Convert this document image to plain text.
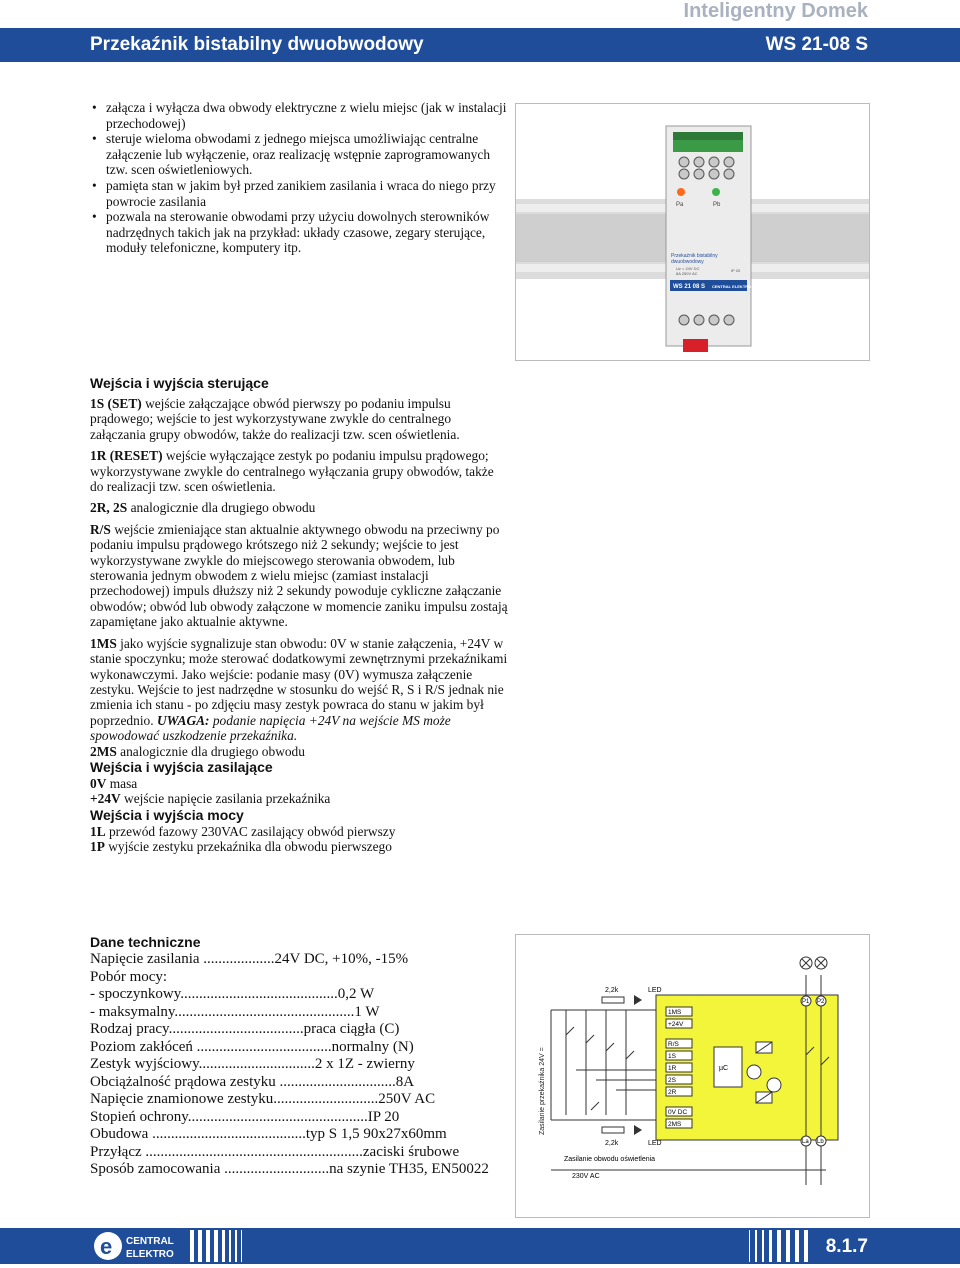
Inteligentny Domek
Przekaźnik bistabilny dwuobwodowy	WS 21-08 S
• załącza i wyłącza dwa obwody elektryczne z wielu miejsc (jak w instalacji przechodowej)
• steruje wieloma obwodami z jednego miejsca umożliwiając centralne załączenie lub wyłączenie, oraz realizację wstępnie zaprogramowanych tzw. scen oświetleniowych.
• pamięta stan w jakim był przed zanikiem zasilania i wraca do niego przy powrocie zasilania
• pozwala na sterowanie obwodami przy użyciu dowolnych sterowników nadrzędnych takich jak na przykład: układy czasowe, zegary sterujące, moduły telefoniczne, komputery itp.
Pa	Pb
Przekaźnik bistabilny
dwuobwodowy
Uz = 24V DC
8A 250V AC
IP 20
WS 21 08 S CENTRAL ELEKTRO
Wejścia i wyjścia sterujące

1S (SET) wejście załączające obwód pierwszy po podaniu impulsu prądowego; wejście to jest wykorzystywane zwykle do centralnego załączania grupy obwodów, także do realizacji tzw. scen oświetlenia.

1R (RESET) wejście wyłączające zestyk po podaniu impulsu prądowego; wykorzystywane zwykle do centralnego wyłączania grupy obwodów, także do realizacji tzw. scen oświetlenia.

2R, 2S analogicznie dla drugiego obwodu

R/S wejście zmieniające stan aktualnie aktywnego obwodu na przeciwny po podaniu impulsu prądowego krótszego niż 2 sekundy; wejście to jest wykorzystywane zwykle do miejscowego sterowania obwodem, lub sterowania jednym obwodem z wielu miejsc (zamiast instalacji przechodowej) impuls dłuższy niż 2 sekundy powoduje cykliczne załączanie obwodów; obwód lub obwody załączone w momencie zaniku impulsu zostają zapamiętane jako aktualnie aktywne.

1MS jako wyjście sygnalizuje stan obwodu: 0V w stanie załączenia, +24V w stanie spoczynku; może sterować dodatkowymi zewnętrznymi przekaźnikami wykonawczymi. Jako wejście: podanie masy (0V) wymusza załączenie zestyku. Wejście to jest nadrzędne w stosunku do wejść R, S i R/S jednak nie zmienia ich stanu - po zdjęciu masy zestyk powraca do stanu w jakim był poprzednio. UWAGA: podanie napięcia +24V na wejście MS może spowodować uszkodzenie przekaźnika.

2MS analogicznie dla drugiego obwodu

Wejścia i wyjścia zasilające

0V masa

+24V wejście napięcie zasilania przekaźnika

Wejścia i wyjścia mocy

1L przewód fazowy 230VAC zasilający obwód pierwszy

1P wyjście zestyku przekaźnika dla obwodu pierwszego

Dane techniczne
Napięcie zasilania ...................24V DC, +10%, -15%
Pobór mocy:
- spoczynkowy..........................................0,2 W
- maksymalny................................................1 W
Rodzaj pracy....................................praca ciągła (C)
Poziom zakłóceń ....................................normalny (N)
Zestyk wyjściowy...............................2 x 1Z - zwierny
Obciążalność prądowa zestyku ...............................8A
Napięcie znamionowe zestyku............................250V AC
Stopień ochrony................................................IP 20
Obudowa .........................................typ S 1,5 90x27x60mm
Przyłącz ..........................................................zaciski śrubowe
Sposób zamocowania ............................na szynie TH35, EN50022
Zasilanie przekaźnika 24V =
2,2k	LED
2,2k	LED
1MS
+24V
R/S
1S
1R
2S
2R
0V DC
2MS
µC
P1 P2
La Lb
Zasilanie obwodu oświetlenia
230V AC
e CENTRAL
ELEKTRO	8.1.7
